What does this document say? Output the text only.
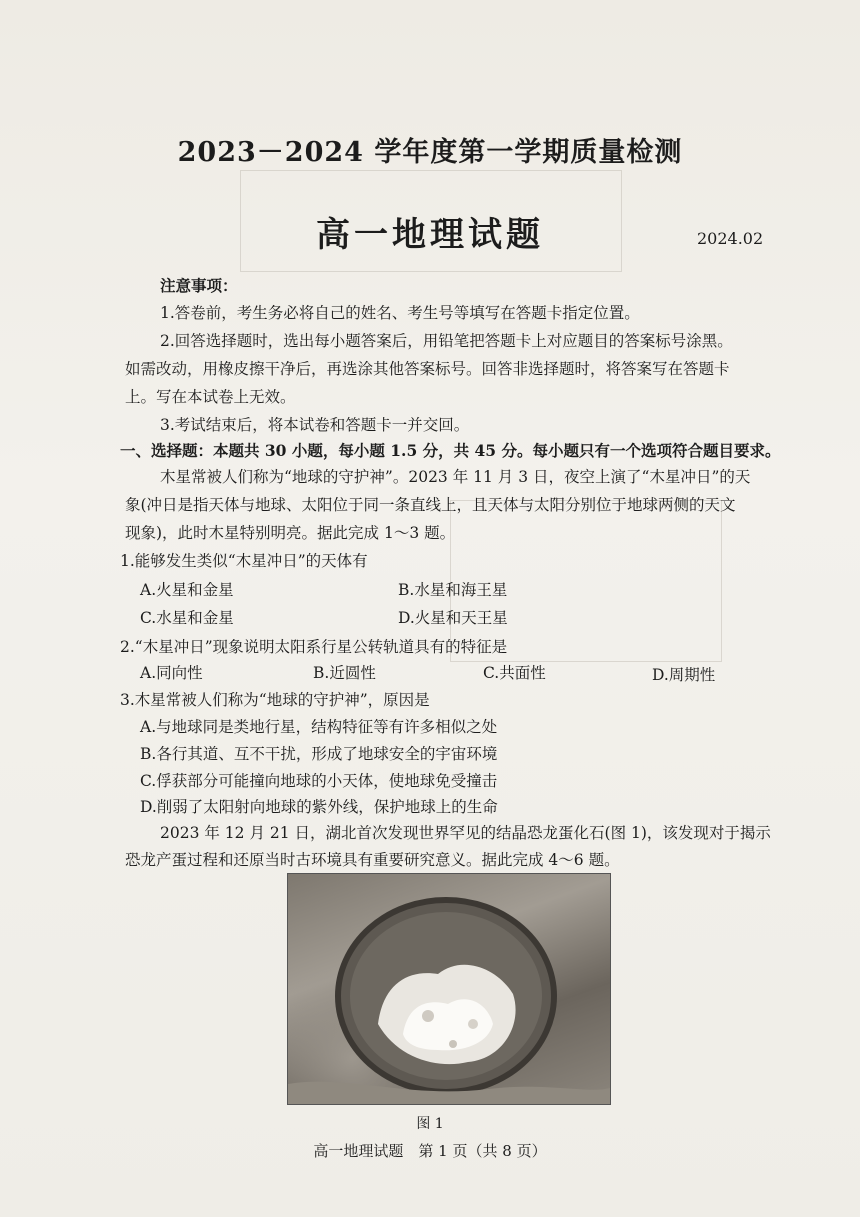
2023－2024 学年度第一学期质量检测
高一地理试题	2024.02
注意事项：
1.答卷前，考生务必将自己的姓名、考生号等填写在答题卡指定位置。
2.回答选择题时，选出每小题答案后，用铅笔把答题卡上对应题目的答案标号涂黑。
如需改动，用橡皮擦干净后，再选涂其他答案标号。回答非选择题时，将答案写在答题卡
上。写在本试卷上无效。
3.考试结束后，将本试卷和答题卡一并交回。
一、选择题：本题共 30 小题，每小题 1.5 分，共 45 分。每小题只有一个选项符合题目要求。
木星常被人们称为“地球的守护神”。2023 年 11 月 3 日，夜空上演了“木星冲日”的天
象(冲日是指天体与地球、太阳位于同一条直线上，且天体与太阳分别位于地球两侧的天文
现象)，此时木星特别明亮。据此完成 1～3 题。
1.能够发生类似“木星冲日”的天体有
A.火星和金星	B.水星和海王星
C.水星和金星	D.火星和天王星
2.“木星冲日”现象说明太阳系行星公转轨道具有的特征是
A.同向性	B.近圆性	C.共面性	D.周期性
3.木星常被人们称为“地球的守护神”，原因是
A.与地球同是类地行星，结构特征等有许多相似之处
B.各行其道、互不干扰，形成了地球安全的宇宙环境
C.俘获部分可能撞向地球的小天体，使地球免受撞击
D.削弱了太阳射向地球的紫外线，保护地球上的生命
2023 年 12 月 21 日，湖北首次发现世界罕见的结晶恐龙蛋化石(图 1)，该发现对于揭示
恐龙产蛋过程和还原当时古环境具有重要研究意义。据此完成 4～6 题。
图 1
高一地理试题　第 1 页（共 8 页）
